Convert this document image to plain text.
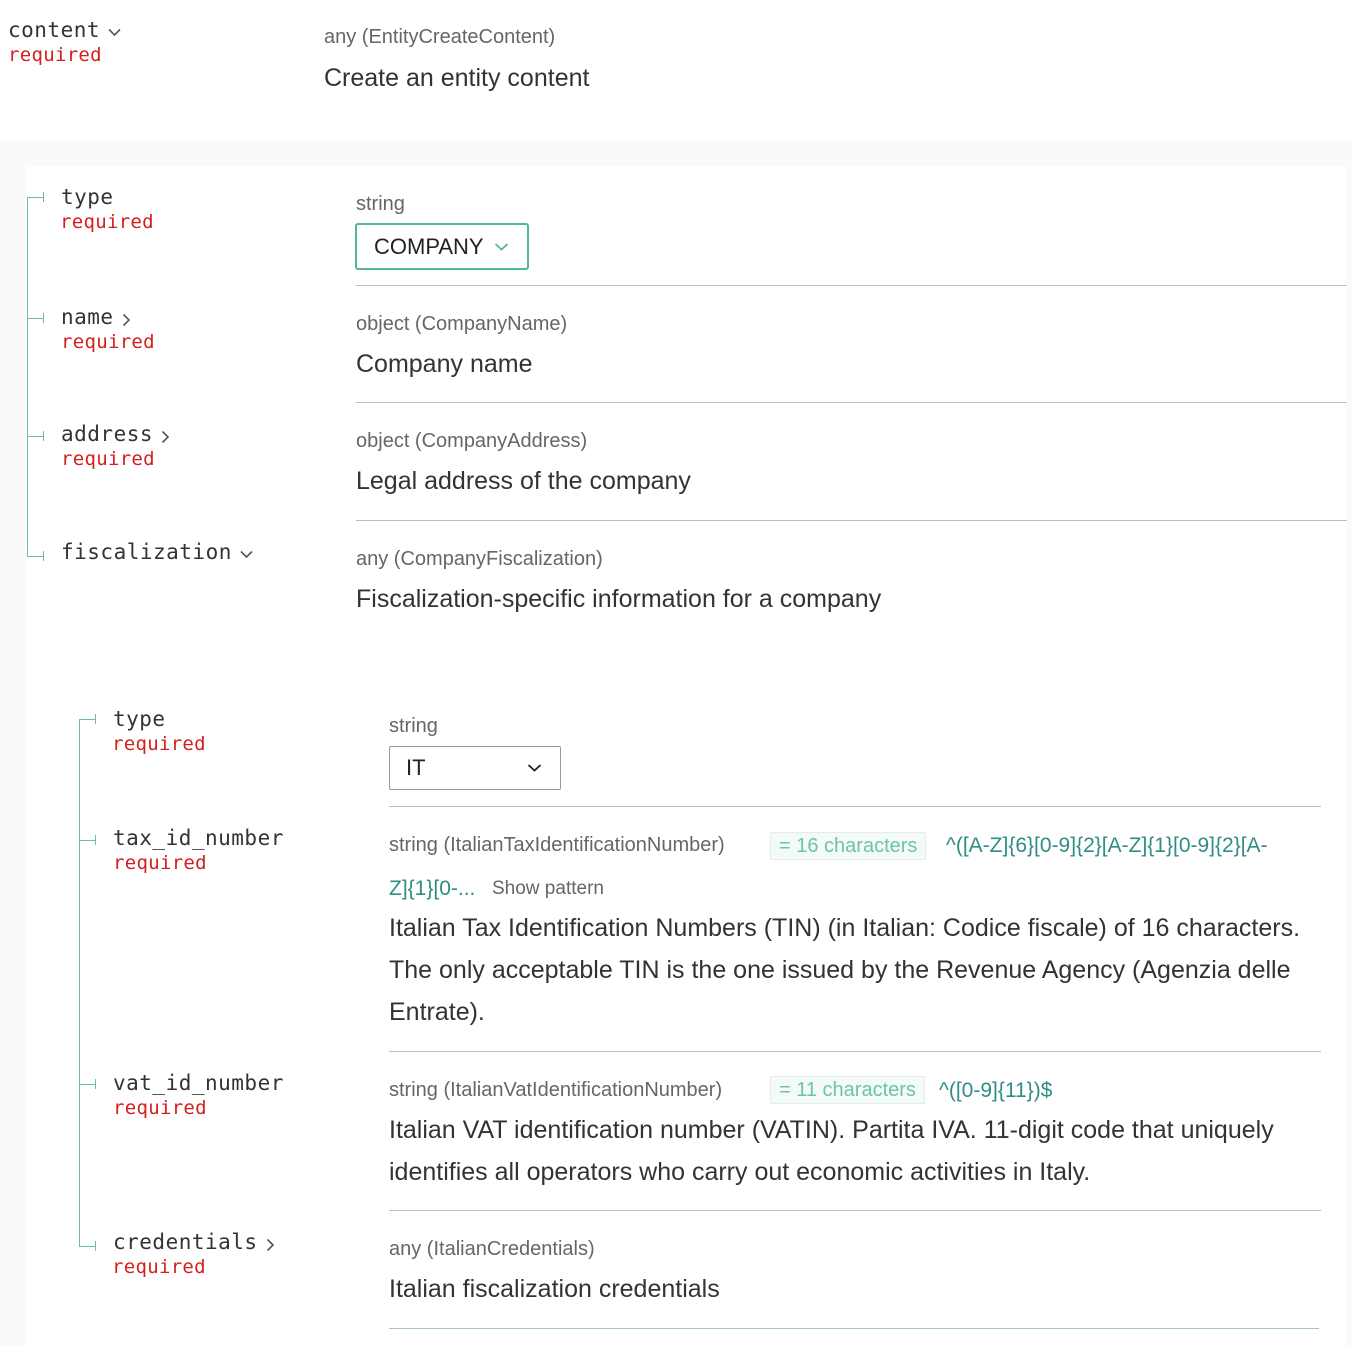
content
required
any (EntityCreateContent)
Create an entity content
type
required
string
COMPANY
name
required
object (CompanyName)
Company name
address
required
object (CompanyAddress)
Legal address of the company
fiscalization	any (CompanyFiscalization)
Fiscalization-specific information for a company
type
required
string
IT
tax_id_number
required
string (ItalianTaxIdentificationNumber)	= 16 characters	^([A-Z]{6}[0-9]{2}[A-Z]{1}[0-9]{2}[A-
Z]{1}[0-... Show pattern
Italian Tax Identification Numbers (TIN) (in Italian: Codice fiscale) of 16 characters. The only acceptable TIN is the one issued by the Revenue Agency (Agenzia delle Entrate).
vat_id_number
required
string (ItalianVatIdentificationNumber)	= 11 characters	^([0-9]{11})$
Italian VAT identification number (VATIN). Partita IVA. 11-digit code that uniquely identifies all operators who carry out economic activities in Italy.
credentials
required
any (ItalianCredentials)
Italian fiscalization credentials
